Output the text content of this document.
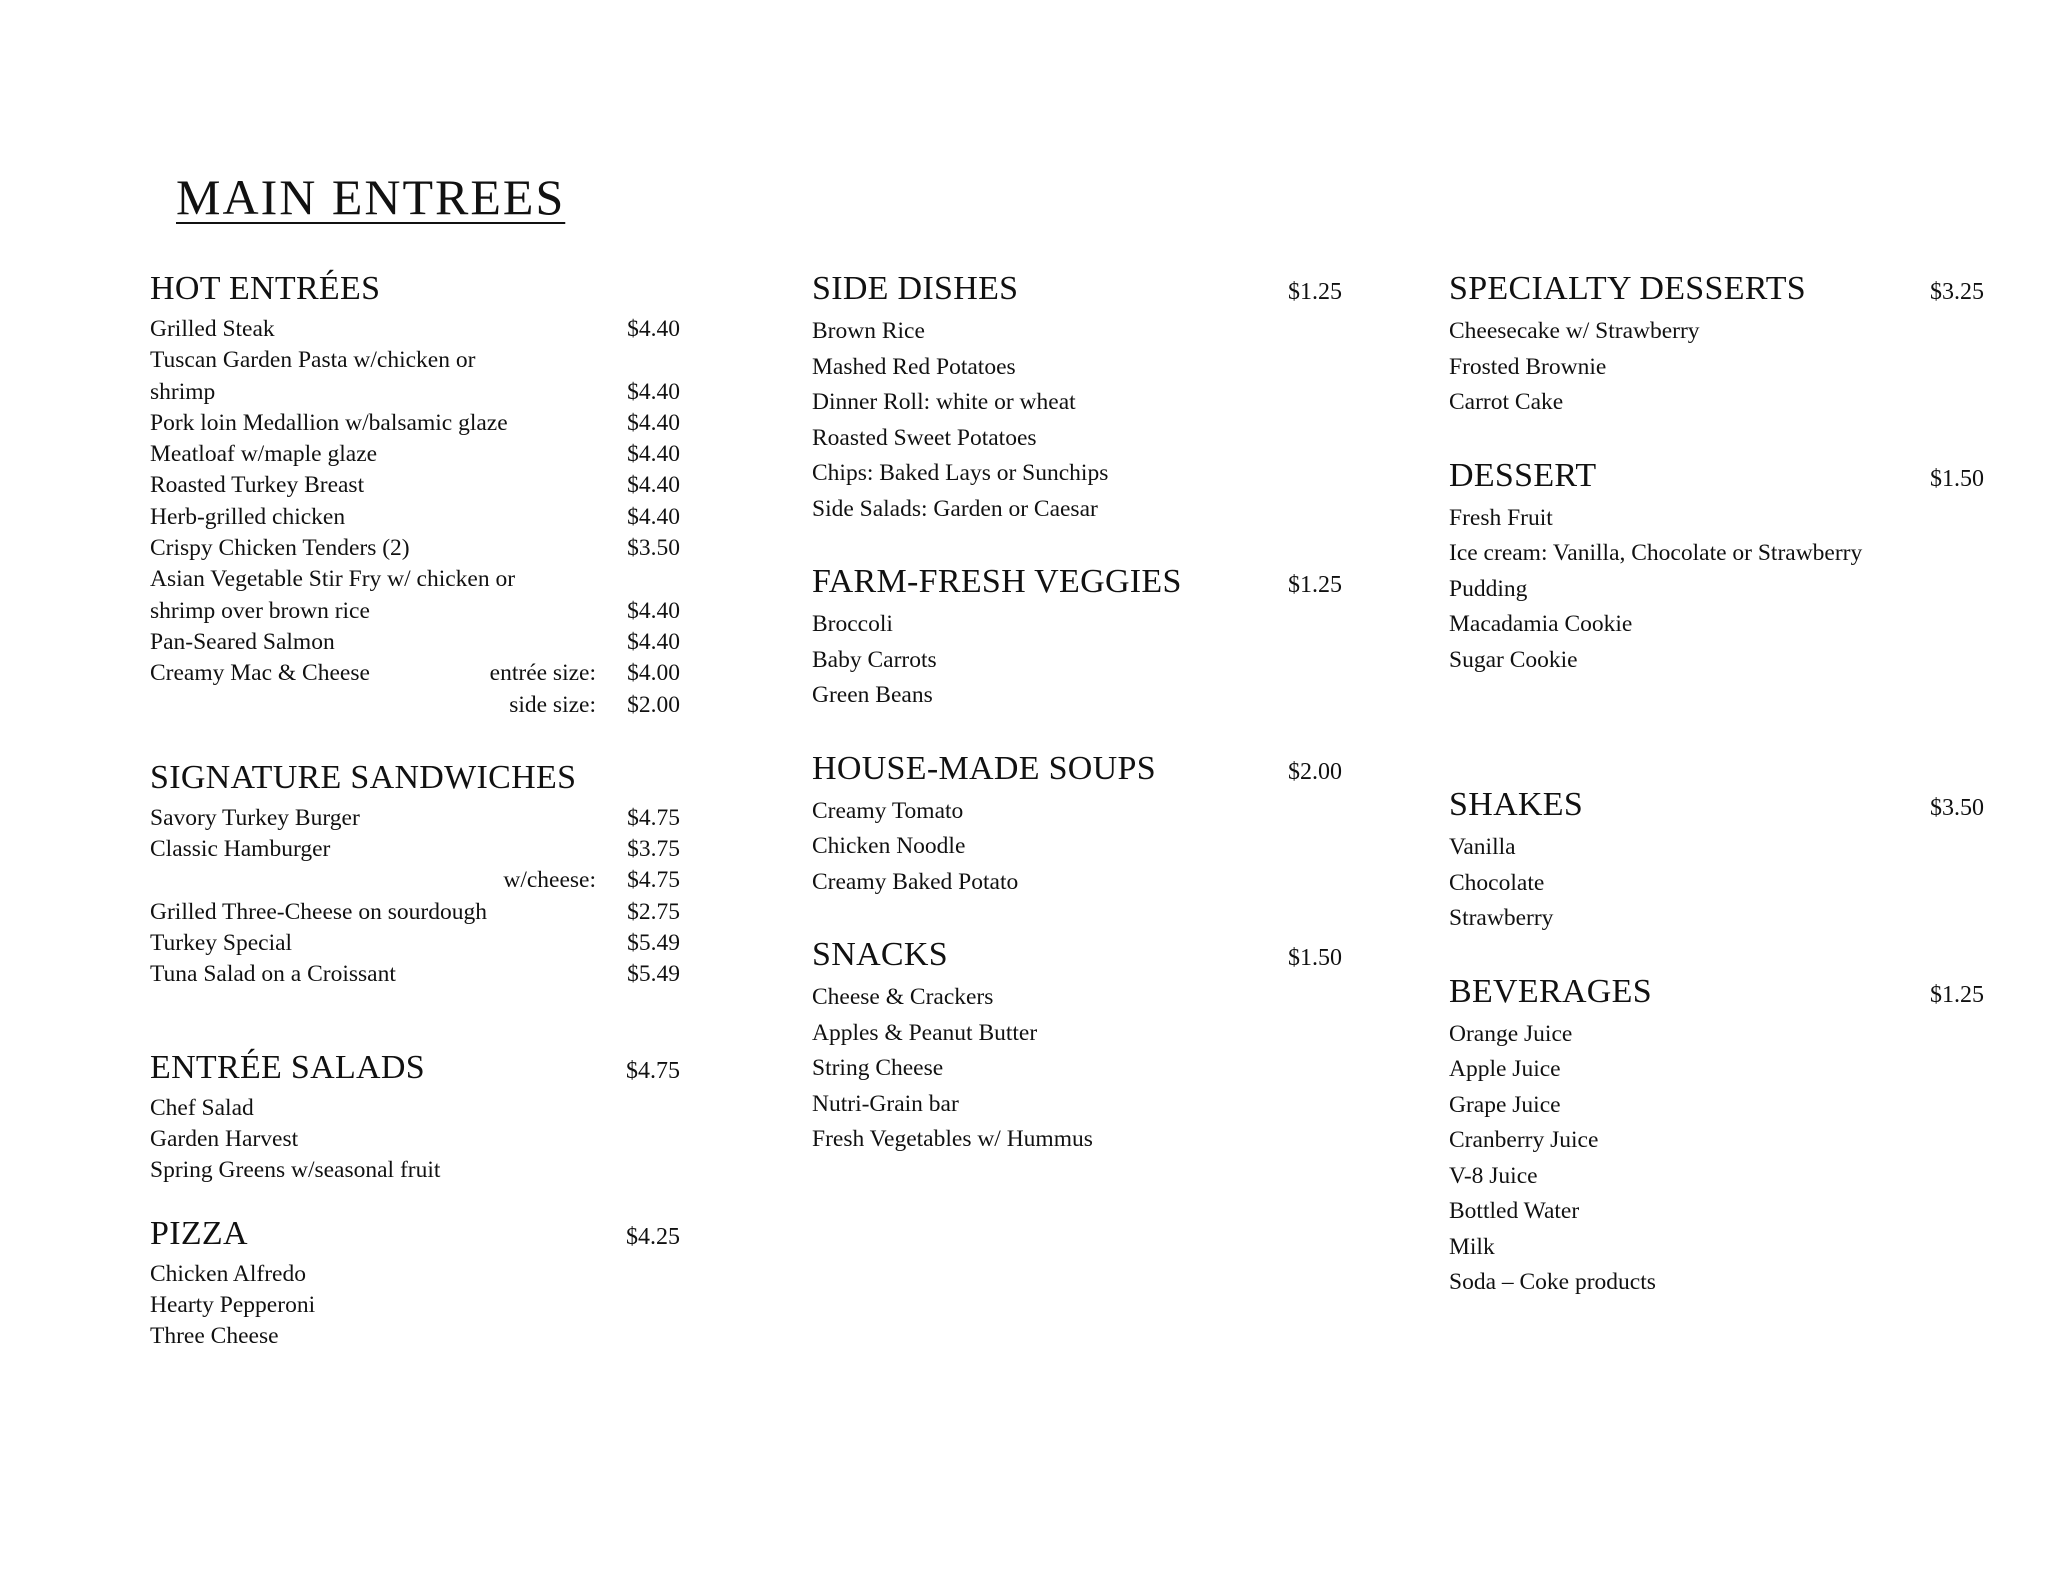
MAIN ENTREES
HOT ENTRÉES
Grilled Steak	$4.40
Tuscan Garden Pasta w/chicken or
shrimp	$4.40
Pork loin Medallion w/balsamic glaze	$4.40
Meatloaf w/maple glaze	$4.40
Roasted Turkey Breast	$4.40
Herb-grilled chicken	$4.40
Crispy Chicken Tenders (2)	$3.50
Asian Vegetable Stir Fry w/ chicken or
shrimp over brown rice	$4.40
Pan-Seared Salmon	$4.40
Creamy Mac & Cheese	entrée size:	$4.00
side size:	$2.00
SIGNATURE SANDWICHES
Savory Turkey Burger	$4.75
Classic Hamburger	$3.75
w/cheese:	$4.75
Grilled Three-Cheese on sourdough	$2.75
Turkey Special	$5.49
Tuna Salad on a Croissant	$5.49
ENTRÉE SALADS	$4.75
Chef Salad
Garden Harvest
Spring Greens w/seasonal fruit
PIZZA	$4.25
Chicken Alfredo
Hearty Pepperoni
Three Cheese
SIDE DISHES	$1.25
Brown Rice
Mashed Red Potatoes
Dinner Roll: white or wheat
Roasted Sweet Potatoes
Chips: Baked Lays or Sunchips
Side Salads: Garden or Caesar
FARM-FRESH VEGGIES	$1.25
Broccoli
Baby Carrots
Green Beans
HOUSE-MADE SOUPS	$2.00
Creamy Tomato
Chicken Noodle
Creamy Baked Potato
SNACKS	$1.50
Cheese & Crackers
Apples & Peanut Butter
String Cheese
Nutri-Grain bar
Fresh Vegetables w/ Hummus
SPECIALTY DESSERTS	$3.25
Cheesecake w/ Strawberry
Frosted Brownie
Carrot Cake
DESSERT	$1.50
Fresh Fruit
Ice cream: Vanilla, Chocolate or Strawberry
Pudding
Macadamia Cookie
Sugar Cookie
SHAKES	$3.50
Vanilla
Chocolate
Strawberry
BEVERAGES	$1.25
Orange Juice
Apple Juice
Grape Juice
Cranberry Juice
V-8 Juice
Bottled Water
Milk
Soda – Coke products
